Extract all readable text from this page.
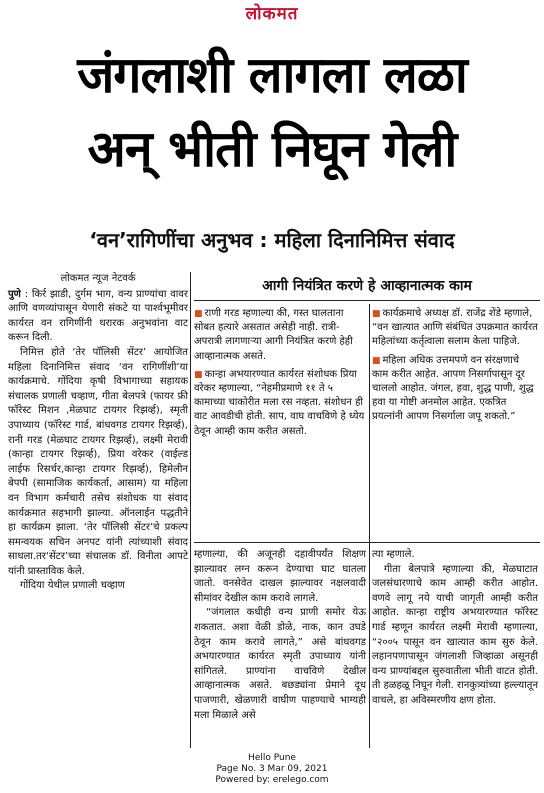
लोकमत
जंगलाशी लागला लळा
अन् भीती निघून गेली
‘वन’रागिणींचा अनुभव : महिला दिनानिमित्त संवाद

लोकमत न्यूज नेटवर्क

पुणे : किर्र झाडी, दुर्गम भाग, वन्य प्राण्यांचा वावर आणि वणव्यांपासून येणारी संकटे या पार्श्वभूमीवर कार्यरत वन रागिणींनी थरारक अनुभवांना वाट करून दिली.

निमित्त होते ‘तेर पॉलिसी सेंटर’ आयोजित महिला दिनानिमित्त संवाद ‘वन रागिणींशी’या कार्यक्रमाचे. गोंदिया कृषी विभागाच्या सहायक संचालक प्रणाली चव्हाण, गीता बेलपत्रे (फायर फ्री फॉरेस्ट मिशन ,मेळघाट टायगर रिझर्व्ह), स्मृती उपाध्याय (फॉरेस्ट गार्ड, बांधवगड टायगर रिझर्व्ह), रानी गरड (मेळघाट टायगर रिझर्व्ह), लक्ष्मी मेरावी (कान्हा टायगर रिझर्व्ह), प्रिया वरेकर (वाईल्ड लाईफ रिसर्चर,कान्हा टायगर रिझर्व्ह), हिमेलीन बेपपी (सामाजिक कार्यकर्ता, आसाम) या महिला वन विभाग कर्मचारी तसेच संशोधक या संवाद कार्यक्रमात सहभागी झाल्या. ऑनलाईन पद्धतीने हा कार्यक्रम झाला. ‘तेर पॉलिसी सेंटर’चे प्रकल्प समन्वयक सचिन अनपट यांनी त्यांच्याशी संवाद साधला.तर‘सेंटर’च्या संचालक डॉ. विनीता आपटे यांनी प्रास्ताविक केले.

गोंदिया येथील प्रणाली चव्हाण

आगी नियंत्रित करणे हे आव्हानात्मक काम

■ राणी गरड म्हणाल्या की, गस्त घालताना सोबत हत्यारे असतात असेही नाही. रात्री-अपरात्री लागणाऱ्या आगी नियंत्रित करणे हेही आव्हानात्मक असते.

■ कान्हा अभयारण्यात कार्यरत संशोधक प्रिया वरेकर म्हणाल्या, “नेहमीप्रमाणे ११ ते ५ कामाच्या चाकोरीत मला रस नव्हता. संशोधन ही वाट आवडीची होती. साप, वाघ वाचविणे हे ध्येय ठेवून आम्ही काम करीत असतो.

■ कार्यक्रमाचे अध्यक्ष डॉ. राजेंद्र शेंडे म्हणाले, “वन खात्यात आणि संबंधित उपक्रमात कार्यरत महिलांच्या कर्तृत्वाला सलाम केला पाहिजे.

■ महिला अधिक उत्तमपणे वन संरक्षणाचे काम करीत आहेत. आपण निसर्गापासून दूर चाललो आहोत. जंगल, हवा, शुद्ध पाणी, शुद्ध हवा या गोष्टी अनमोल आहेत. एकत्रित प्रयत्नांनी आपण निसर्गाला जपू शकतो.”

म्हणाल्या, की अजूनही दहावीपर्यंत शिक्षण झाल्यावर लग्न करून देण्याचा घाट घातला जातो. वनसेवेत दाखल झाल्यावर नक्षलवादी सीमांवर देखील काम करावे लागले.

“जंगलात कधीही वन्य प्राणी समोर येऊ शकतात. अशा वेळी डोळे, नाक, कान उघडे ठेवून काम करावे लागते,” असे बांधवगड अभयारण्यात कार्यरत स्मृती उपाध्याय यांनी सांगितले. प्राण्यांना वाचविणे देखील आव्हानात्मक असते. बछड्यांना प्रेमाने दूध पाजणारी, खेळणारी वाघीण पाहण्याचे भाग्यही मला मिळाले असे

त्या म्हणाले.

गीता बेलपात्रे म्हणाल्या की, मेळघाटात जलसंधारणाचे काम आम्ही करीत आहोत. वणवे लागू नये याची जागृती आम्ही करीत आहोत. कान्हा राष्ट्रीय अभयारण्यात फॉरेस्ट गार्ड म्हणून कार्यरत लक्ष्मी मेरावी म्हणाल्या, “२००५ पासून वन खात्यात काम सुरु केले. लहानपणापासून जंगलाशी जिव्हाळा असूनही वन्य प्राण्यांबद्दल सुरुवातीला भीती वाटत होती. ती हळहळू निघून गेली. रानकुत्र्यांच्या हल्ल्यातून वाचले, हा अविस्मरणीय क्षण होता.

Hello Pune
Page No. 3 Mar 09, 2021
Powered by: erelego.com
